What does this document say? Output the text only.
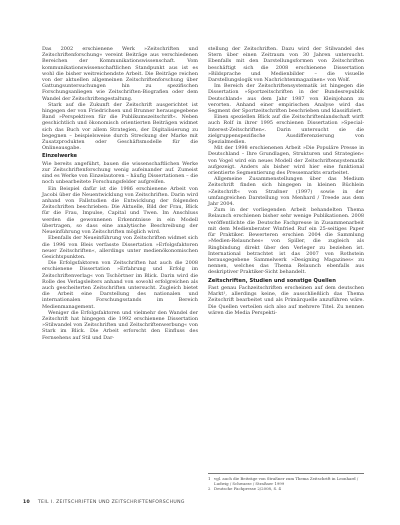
Das 2002 erschienene Werk »Zeitschriften und Zeitschriftenforschung« vereint Beiträge aus verschiedenen Bereichen der Kommunikationswissenschaft. Vom kommunikationswissenschaftlichen Standpunkt aus ist es wohl die bisher weitreichendste Arbeit. Die Beiträge reichen von der aktuellen allgemeinen Zeitschriftenforschung über Gattungsuntersuchungen hin zu spezifischen Forschungsanliegen wie Zeitschriften-Biografien oder dem Wandel der Zeitschriftengestaltung.

Stark auf die Zukunft der Zeitschrift ausgerichtet ist hingegen der von Friedrichsen und Brunner herausgegebene Band »Perspektiven für die Publikumszeitschrift«. Neben geschichtlich und ökonomisch orientierten Beiträgen widmet sich das Buch vor allem Strategien, der Digitalisierung zu begegnen – beispielsweise durch Streckung der Marke mit Zusatzprodukten oder Geschäftsmodelle für die Onlineausgabe.

Einzelwerke

Wie bereits angeführt, bauen die wissenschaftlichen Werke zur Zeitschriftenforschung wenig aufeinander auf. Zumeist sind es Werke von Einzelautoren – häufig Dissertationen – die noch unbearbeitete Forschungsfelder aufgreifen.

Ein Beispiel dafür ist die 1986 erschienene Arbeit von Jacobi über die Neuentwicklung von Zeitschriften. Darin wird anhand von Fallstudien die Entwicklung der folgenden Zeitschriften beschrieben: Die Aktuelle, Bild der Frau, Blick für die Frau, Impulse, Capital und Twen. Im Anschluss werden die gewonnenen Erkenntnisse in ein Modell übertragen, so dass eine analytische Beschreibung der Neueinführung von Zeitschriften möglich wird.

Ebenfalls der Neueinführung von Zeitschriften widmet sich die 1996 von Bleis verfasste Dissertation »Erfolgsfaktoren neuer Zeitschriften«, allerdings unter medienökonomischen Gesichtspunkten.

Die Erfolgsfaktoren von Zeitschriften hat auch die 2008 erschienene Dissertation »Erfahrung und Erfolg im Zeitschriftenverlag« von Tschörtner im Blick. Darin wird die Rolle des Verlagsleiters anhand von sowohl erfolgreichen als auch gescheiterten Zeitschriften untersucht. Zugleich bietet die Arbeit eine Darstellung des nationalen und internationalen Forschungsstands im Bereich Medienmanagement.

Weniger die Erfolgsfaktoren und vielmehr den Wandel der Zeitschrift hat hingegen die 1992 erschienene Dissertation »Stilwandel von Zeitschriften und Zeitschriftenwerbung« von Stark im Blick. Die Arbeit erforscht den Einfluss des Fernsehens auf Stil und Dar-

stellung der Zeitschriften. Dazu wird der Stilwandel des Stern über einen Zeitraum von 30 Jahren untersucht. Ebenfalls mit den Darstellungsformen von Zeitschriften beschäftigt sich die 2008 erschienene Dissertation »Bildsprache und Medienbilder – die visuelle Darstellungslogik von Nachrichtenmagazinen« von Wolf.

Im Bereich der Zeitschriftensystematik ist hingegen die Dissertation »Sportzeitschriften in der Bundesrepublik Deutschland« aus dem Jahr 1987 von Kleinjohann zu verorten. Anhand einer empirischen Analyse wird das Segment der Sportzeitschriften beschrieben und klassifiziert.

Einen speziellen Blick auf die Zeitschriftenlandschaft wirft auch Rolf in ihrer 1995 erschienen Dissertation »Special-Interest-Zeitschriften«. Darin untersucht sie die zielgruppenspezifische Ausdifferenzierung von Spezialmedien.

Mit der 1998 erschienenen Arbeit »Die Populäre Presse in Deutschland – Ihre Grundlagen, Strukturen und Strategien« von Vogel wird ein neues Modell der Zeitschriftensystematik aufgezeigt. Anders als bisher wird hier eine funktional orientierte Segmentierung des Pressemarkts erarbeitet.

Allgemeine Zusammenstellungen über das Medium Zeitschrift finden sich hingegen in kleinen Büchlein »Zeitschrift« von Straßner (1997) sowie in der umfangreichen Darstellung von Menhard / Treede aus dem Jahr 2004.

Zum in der vorliegenden Arbeit behandelten Thema Relaunch erschienen bisher sehr wenige Publikationen. 2008 veröffentlichte die Deutsche Fachpresse in Zusammenarbeit mit dem Medienberater Winfried Ruf ein 25-seitiges Paper für Praktiker. Bewerteren erschien 2004 die Sammlung »Medien-Relaunches« von Spiller, die zugleich als Ringbindung direkt über den Verleger zu beziehen ist. International betrachtet ist das 2007 von Rothstein herausgegebene Sammelwerk »Designing Magazines« zu nennen, welches das Thema Relaunch ebenfalls aus deskriptiver Praktiker-Sicht behandelt.

Zeitschriften, Studien und sonstige Quellen

Fast genau Fachzeitschriften erscheinen auf dem deutschen Markt¹, allerdings keine, die ausschließlich das Thema Zeitschrift bearbeitet und als Primärquelle anzuführen wäre. Die Quellen verteilen sich also auf mehrere Titel. Zu nennen wären die Media Perspekti-

1 vgl. auch die Beiträge von Straßner zum Thema Zeitschrift in Leonhard / Ludwig / Schwarze / Straßner 1999
2 Deutsche Fachpresse 2/2008, S. 4
10 TEIL I. ZEITSCHRIFTEN UND ZEITSCHRIFTENFORSCHUNG
